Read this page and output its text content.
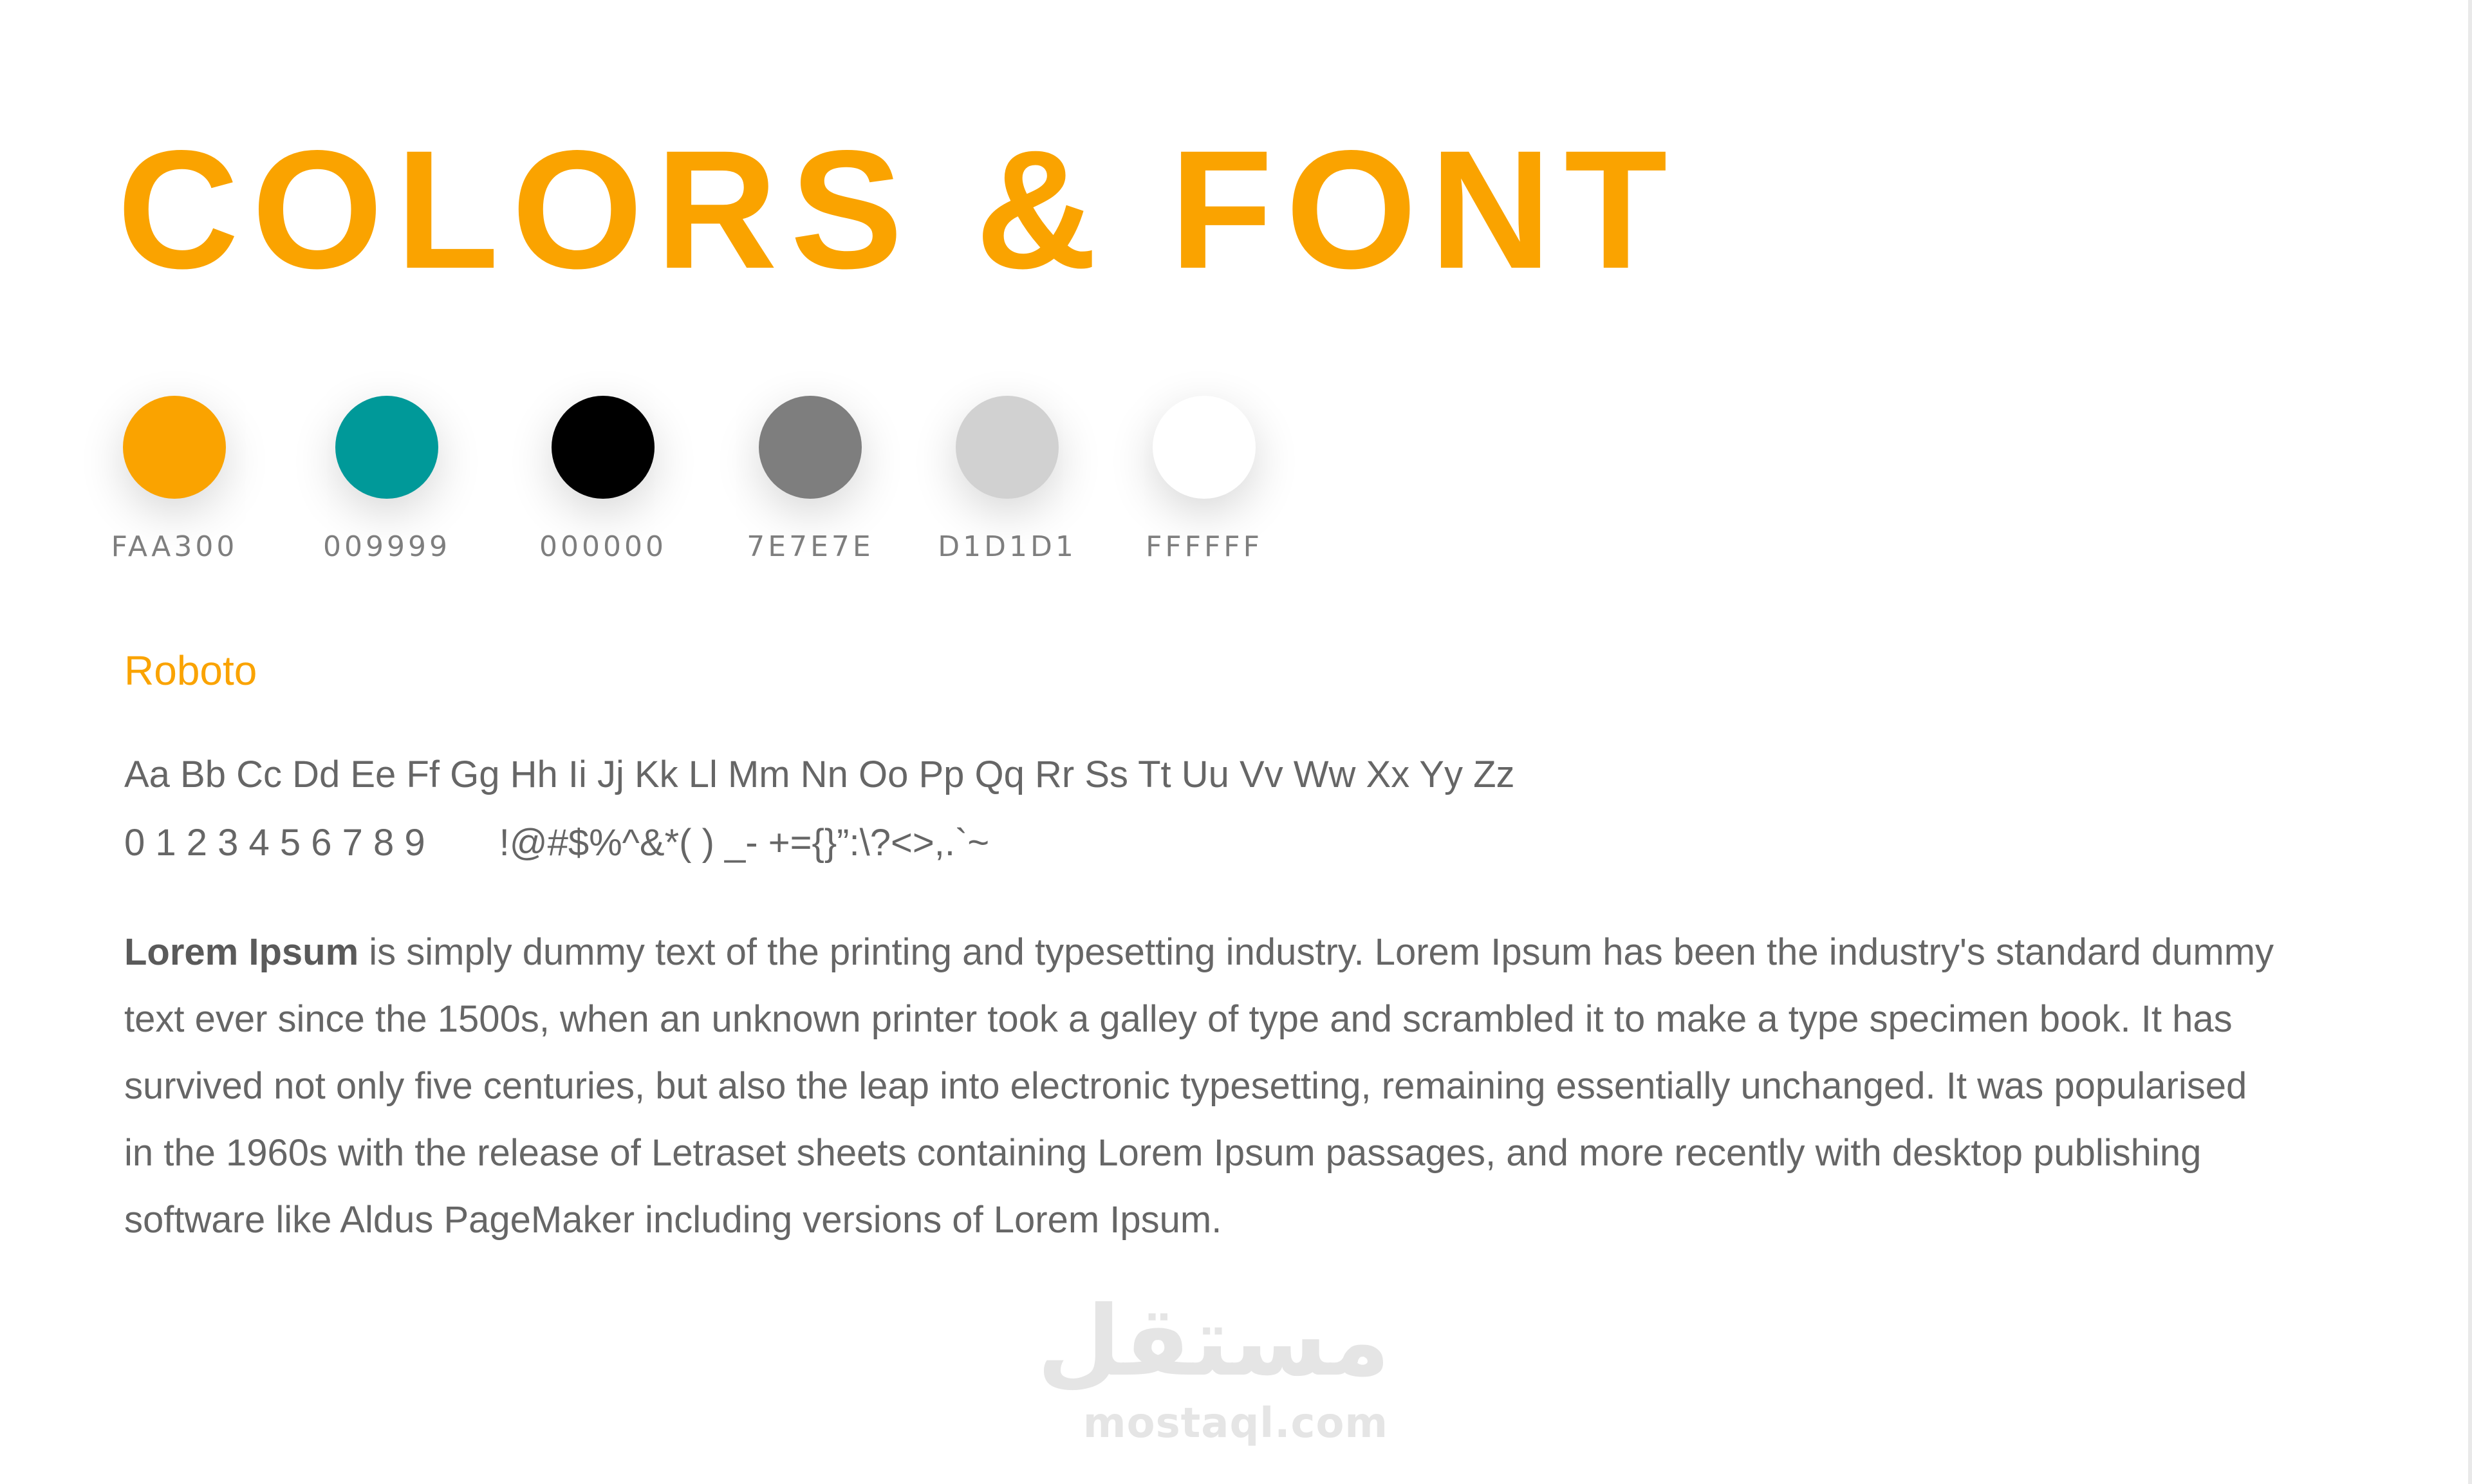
COLORS & FONT
FAA300	009999	000000	7E7E7E	D1D1D1	FFFFFF
Roboto
Aa Bb Cc Dd Ee Ff Gg Hh Ii Jj Kk Ll Mm Nn Oo Pp Qq Rr Ss Tt Uu Vv Ww Xx Yy Zz
0 1 2 3 4 5 6 7 8 9 !@#$%^&*( ) _- +={}”:\?<>,.`~

Lorem Ipsum is simply dummy text of the printing and typesetting industry. Lorem Ipsum has been the industry's standard dummy text ever since the 1500s, when an unknown printer took a galley of type and scrambled it to make a type specimen book. It has survived not only five centuries, but also the leap into electronic typesetting, remaining essentially unchanged. It was popularised in the 1960s with the release of Letraset sheets containing Lorem Ipsum passages, and more recently with desktop publishing software like Aldus PageMaker including versions of Lorem Ipsum.

مستقل
mostaql.com
